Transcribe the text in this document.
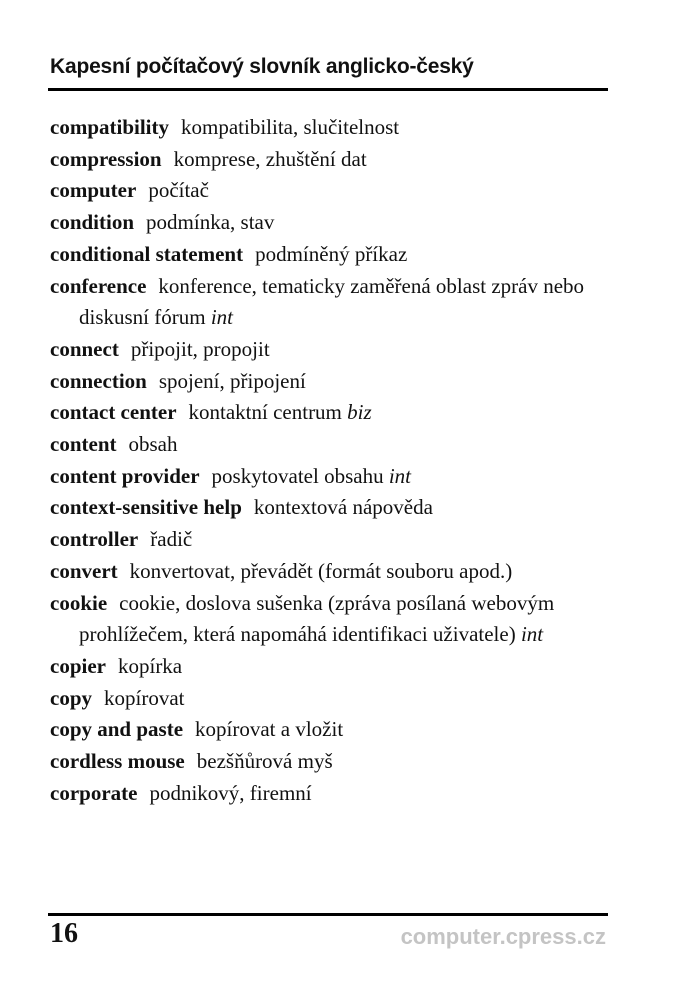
Kapesní počítačový slovník anglicko-český
compatibility kompatibilita, slučitelnost
compression komprese, zhuštění dat
computer počítač
condition podmínka, stav
conditional statement podmíněný příkaz
conference konference, tematicky zaměřená oblast zpráv nebo diskusní fórum int
connect připojit, propojit
connection spojení, připojení
contact center kontaktní centrum biz
content obsah
content provider poskytovatel obsahu int
context-sensitive help kontextová nápověda
controller řadič
convert konvertovat, převádět (formát souboru apod.)
cookie cookie, doslova sušenka (zpráva posílaná webovým prohlížečem, která napomáhá identifikaci uživatele) int
copier kopírka
copy kopírovat
copy and paste kopírovat a vložit
cordless mouse bezšňůrová myš
corporate podnikový, firemní
16	computer.cpress.cz
